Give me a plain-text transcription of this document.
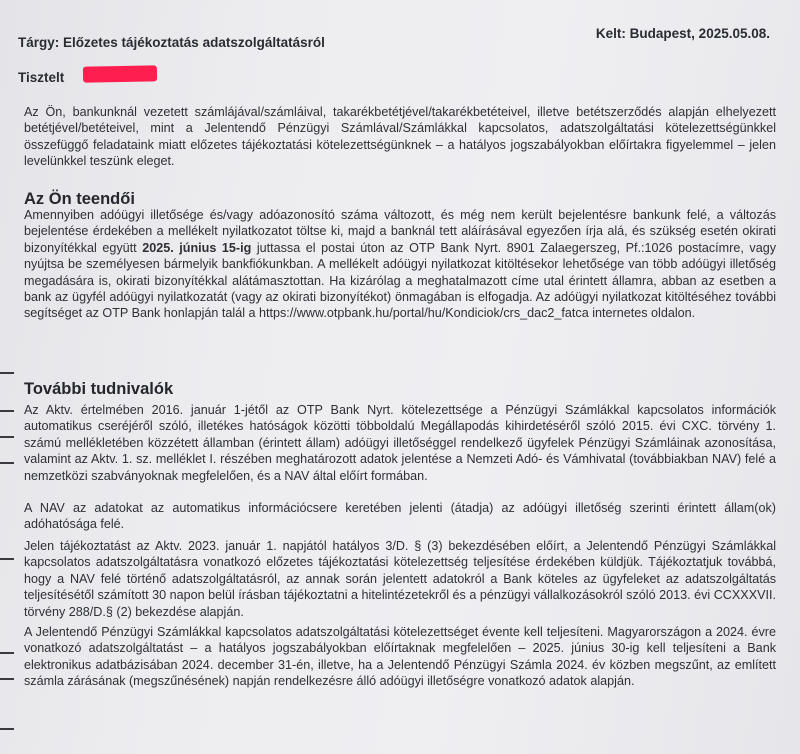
Tárgy: Előzetes tájékoztatás adatszolgáltatásról
Kelt: Budapest, 2025.05.08.
Tisztelt
Az Ön, bankunknál vezetett számlájával/számláival, takarékbetétjével/takarékbetéteivel, illetve betétszerződés alapján elhelyezett betétjével/betéteivel, mint a Jelentendő Pénzügyi Számlával/Számlákkal kapcsolatos, adatszolgáltatási kötelezettségünkkel összefüggő feladataink miatt előzetes tájékoztatási kötelezettségünknek – a hatályos jogszabályokban előírtakra figyelemmel – jelen levelünkkel teszünk eleget.
Az Ön teendői
Amennyiben adóügyi illetősége és/vagy adóazonosító száma változott, és még nem került bejelentésre bankunk felé, a változás bejelentése érdekében a mellékelt nyilatkozatot töltse ki, majd a banknál tett aláírásával egyezően írja alá, és szükség esetén okirati bizonyítékkal együtt 2025. június 15-ig juttassa el postai úton az OTP Bank Nyrt. 8901 Zalaegerszeg, Pf.:1026 postacímre, vagy nyújtsa be személyesen bármelyik bankfiókunkban. A mellékelt adóügyi nyilatkozat kitöltésekor lehetősége van több adóügyi illetőség megadására is, okirati bizonyítékkal alátámasztottan. Ha kizárólag a meghatalmazott címe utal érintett államra, abban az esetben a bank az ügyfél adóügyi nyilatkozatát (vagy az okirati bizonyítékot) önmagában is elfogadja. Az adóügyi nyilatkozat kitöltéséhez további segítséget az OTP Bank honlapján talál a https://www.otpbank.hu/portal/hu/Kondiciok/crs_dac2_fatca internetes oldalon.
További tudnivalók
Az Aktv. értelmében 2016. január 1-jétől az OTP Bank Nyrt. kötelezettsége a Pénzügyi Számlákkal kapcsolatos információk automatikus cseréjéről szóló, illetékes hatóságok közötti többoldalú Megállapodás kihirdetéséről szóló 2015. évi CXC. törvény 1. számú mellékletében közzétett államban (érintett állam) adóügyi illetőséggel rendelkező ügyfelek Pénzügyi Számláinak azonosítása, valamint az Aktv. 1. sz. melléklet I. részében meghatározott adatok jelentése a Nemzeti Adó- és Vámhivatal (továbbiakban NAV) felé a nemzetközi szabványoknak megfelelően, és a NAV által előírt formában.
A NAV az adatokat az automatikus információcsere keretében jelenti (átadja) az adóügyi illetőség szerinti érintett állam(ok) adóhatósága felé.
Jelen tájékoztatást az Aktv. 2023. január 1. napjától hatályos 3/D. § (3) bekezdésében előírt, a Jelentendő Pénzügyi Számlákkal kapcsolatos adatszolgáltatásra vonatkozó előzetes tájékoztatási kötelezettség teljesítése érdekében küldjük. Tájékoztatjuk továbbá, hogy a NAV felé történő adatszolgáltatásról, az annak során jelentett adatokról a Bank köteles az ügyfeleket az adatszolgáltatás teljesítésétől számított 30 napon belül írásban tájékoztatni a hitelintézetekről és a pénzügyi vállalkozásokról szóló 2013. évi CCXXXVII. törvény 288/D.§ (2) bekezdése alapján.
A Jelentendő Pénzügyi Számlákkal kapcsolatos adatszolgáltatási kötelezettséget évente kell teljesíteni. Magyarországon a 2024. évre vonatkozó adatszolgáltatást – a hatályos jogszabályokban előírtaknak megfelelően – 2025. június 30-ig kell teljesíteni a Bank elektronikus adatbázisában 2024. december 31-én, illetve, ha a Jelentendő Pénzügyi Számla 2024. év közben megszűnt, az említett számla zárásának (megszűnésének) napján rendelkezésre álló adóügyi illetőségre vonatkozó adatok alapján.
